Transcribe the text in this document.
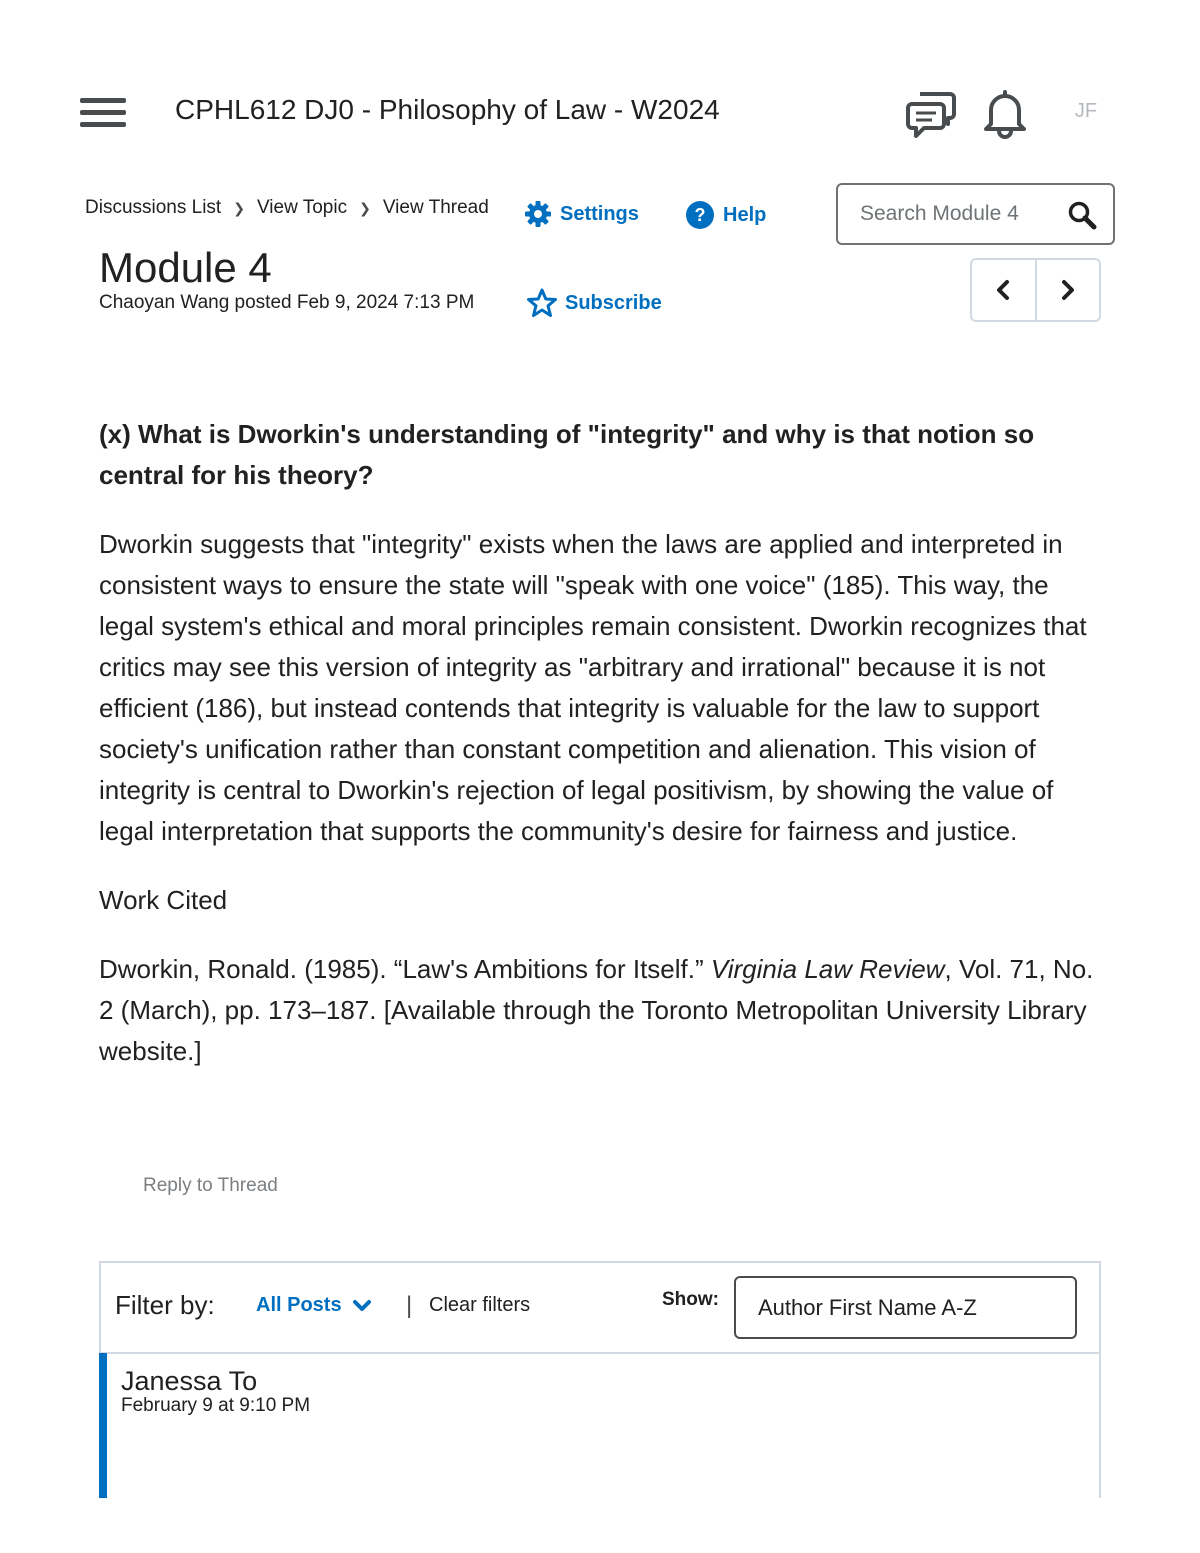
CPHL612 DJ0 - Philosophy of Law - W2024	JF
Discussions List ❯ View Topic ❯ View Thread	Settings	? Help
Search Module 4
Module 4
Chaoyan Wang posted Feb 9, 2024 7:13 PM	Subscribe

(x) What is Dworkin's understanding of "integrity" and why is that notion so central for his theory?

Dworkin suggests that "integrity" exists when the laws are applied and interpreted in consistent ways to ensure the state will "speak with one voice" (185). This way, the legal system's ethical and moral principles remain consistent. Dworkin recognizes that critics may see this version of integrity as "arbitrary and irrational" because it is not efficient (186), but instead contends that integrity is valuable for the law to support society's unification rather than constant competition and alienation. This vision of integrity is central to Dworkin's rejection of legal positivism, by showing the value of legal interpretation that supports the community's desire for fairness and justice.

Work Cited

Dworkin, Ronald. (1985). “Law's Ambitions for Itself.” Virginia Law Review, Vol. 71, No. 2 (March), pp. 173–187. [Available through the Toronto Metropolitan University Library website.]

Reply to Thread
Filter by: All Posts	| Clear filters	Show:	Author First Name A-Z
Janessa To
February 9 at 9:10 PM
